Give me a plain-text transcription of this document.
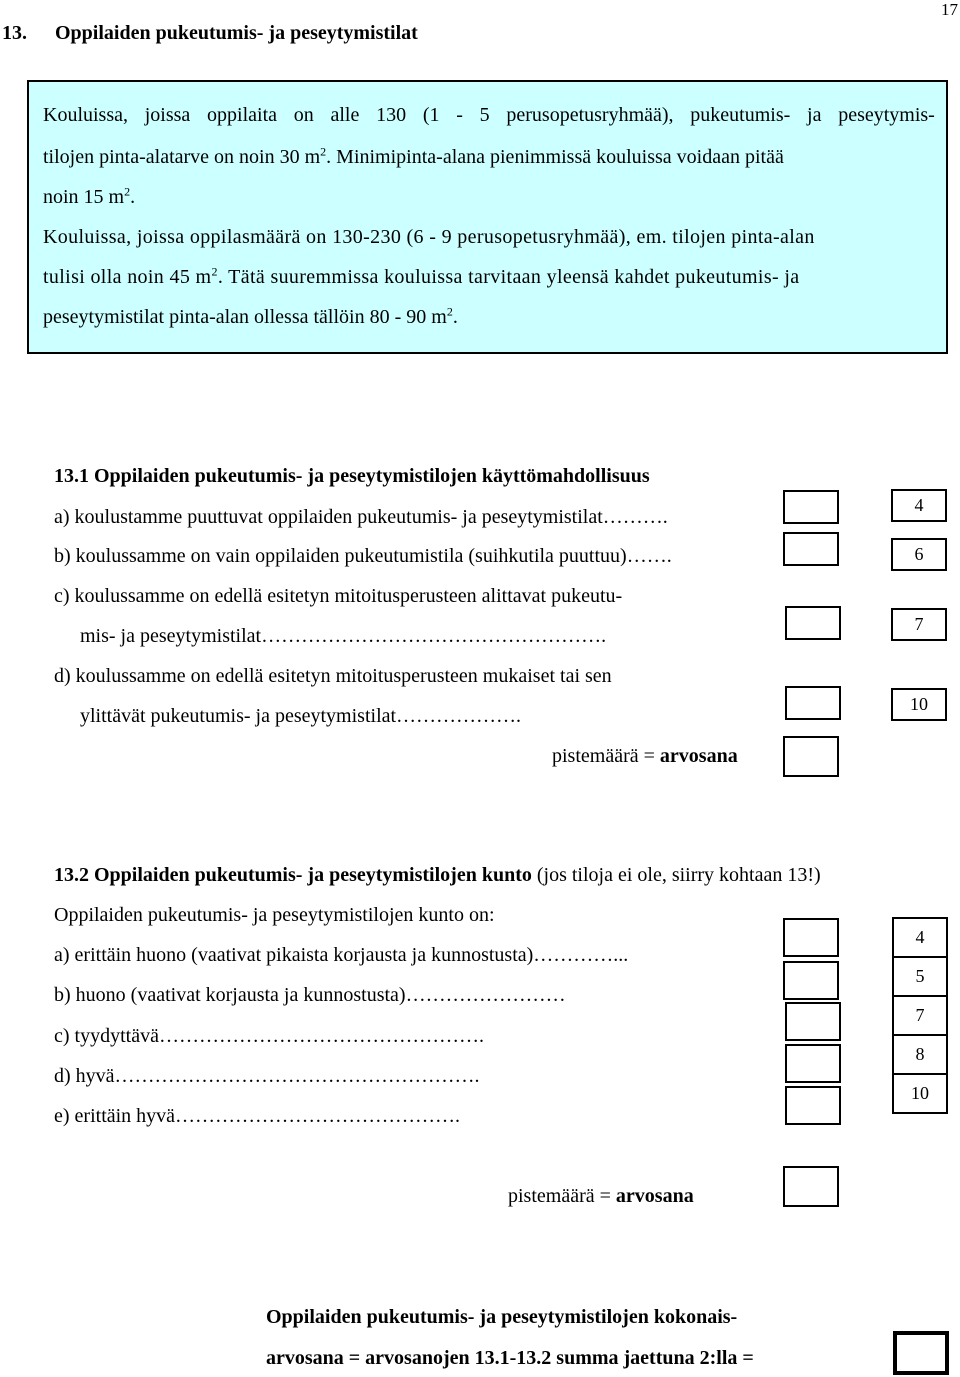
17
13. Oppilaiden pukeutumis- ja peseytymistilat
Kouluissa, joissa oppilaita on alle 130 (1 - 5 perusopetusryhmää), pukeutumis- ja peseytymis-
tilojen pinta-alatarve on noin 30 $m^2$. Minimipinta-alana pienimmissä kouluissa voidaan pitää
noin 15 $m^2$.
Kouluissa, joissa oppilasmäärä on 130-230 (6 - 9 perusopetusryhmää), em. tilojen pinta-alan
tulisi olla noin 45 $m^2$. Tätä suuremmissa kouluissa tarvitaan yleensä kahdet pukeutumis- ja
peseytymistilat pinta-alan ollessa tällöin 80 - 90 $m^2$.
13.1 Oppilaiden pukeutumis- ja peseytymistilojen käyttömahdollisuus
a) koulustamme puuttuvat oppilaiden pukeutumis- ja peseytymistilat……….
b) koulussamme on vain oppilaiden pukeutumistila (suihkutila puuttuu)…….
c) koulussamme on edellä esitetyn mitoitusperusteen alittavat pukeutu-
mis- ja peseytymistilat…………………………………………….
d) koulussamme on edellä esitetyn mitoitusperusteen mukaiset tai sen
ylittävät pukeutumis- ja peseytymistilat……………….
pistemäärä = arvosana
4
6
7
10
13.2 Oppilaiden pukeutumis- ja peseytymistilojen kunto (jos tiloja ei ole, siirry kohtaan 13!)
Oppilaiden pukeutumis- ja peseytymistilojen kunto on:
a) erittäin huono (vaativat pikaista korjausta ja kunnostusta)…………...
b) huono (vaativat korjausta ja kunnostusta)……………………
c) tyydyttävä………………………………………….
d) hyvä……………………………………………….
e) erittäin hyvä…………………………………….
pistemäärä = arvosana
4
5
7
8
10
Oppilaiden pukeutumis- ja peseytymistilojen kokonais-
arvosana = arvosanojen 13.1-13.2 summa jaettuna 2:lla =
